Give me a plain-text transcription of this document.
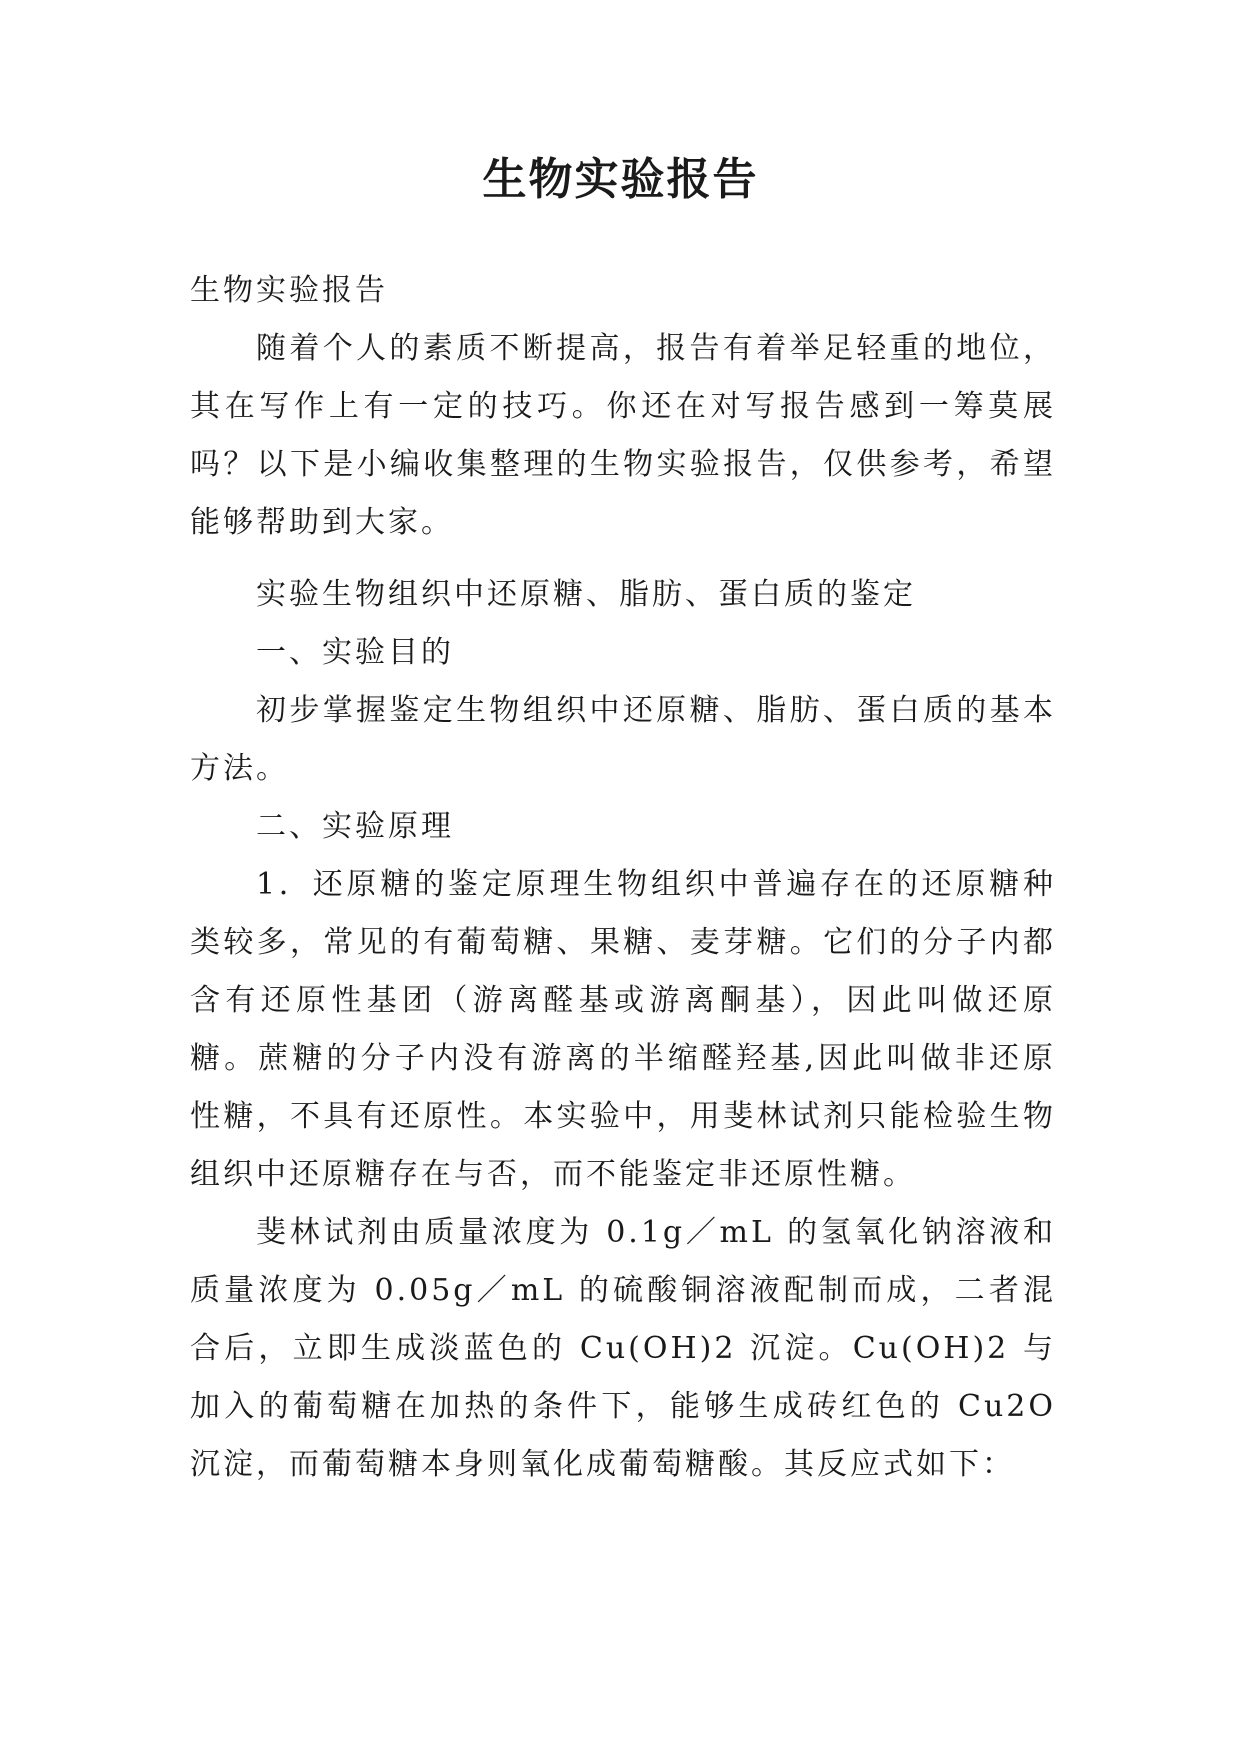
生物实验报告

生物实验报告

随着个人的素质不断提高，报告有着举足轻重的地位，其在写作上有一定的技巧。你还在对写报告感到一筹莫展吗？以下是小编收集整理的生物实验报告，仅供参考，希望能够帮助到大家。

实验生物组织中还原糖、脂肪、蛋白质的鉴定

一、实验目的

初步掌握鉴定生物组织中还原糖、脂肪、蛋白质的基本方法。

二、实验原理

1．还原糖的鉴定原理生物组织中普遍存在的还原糖种类较多，常见的有葡萄糖、果糖、麦芽糖。它们的分子内都含有还原性基团（游离醛基或游离酮基），因此叫做还原糖。蔗糖的分子内没有游离的半缩醛羟基,因此叫做非还原性糖，不具有还原性。本实验中，用斐林试剂只能检验生物组织中还原糖存在与否，而不能鉴定非还原性糖。

斐林试剂由质量浓度为 0.1g／mL 的氢氧化钠溶液和质量浓度为 0.05g／mL 的硫酸铜溶液配制而成，二者混合后，立即生成淡蓝色的 Cu(OH)2 沉淀。Cu(OH)2 与加入的葡萄糖在加热的条件下，能够生成砖红色的 Cu2O 沉淀，而葡萄糖本身则氧化成葡萄糖酸。其反应式如下：
